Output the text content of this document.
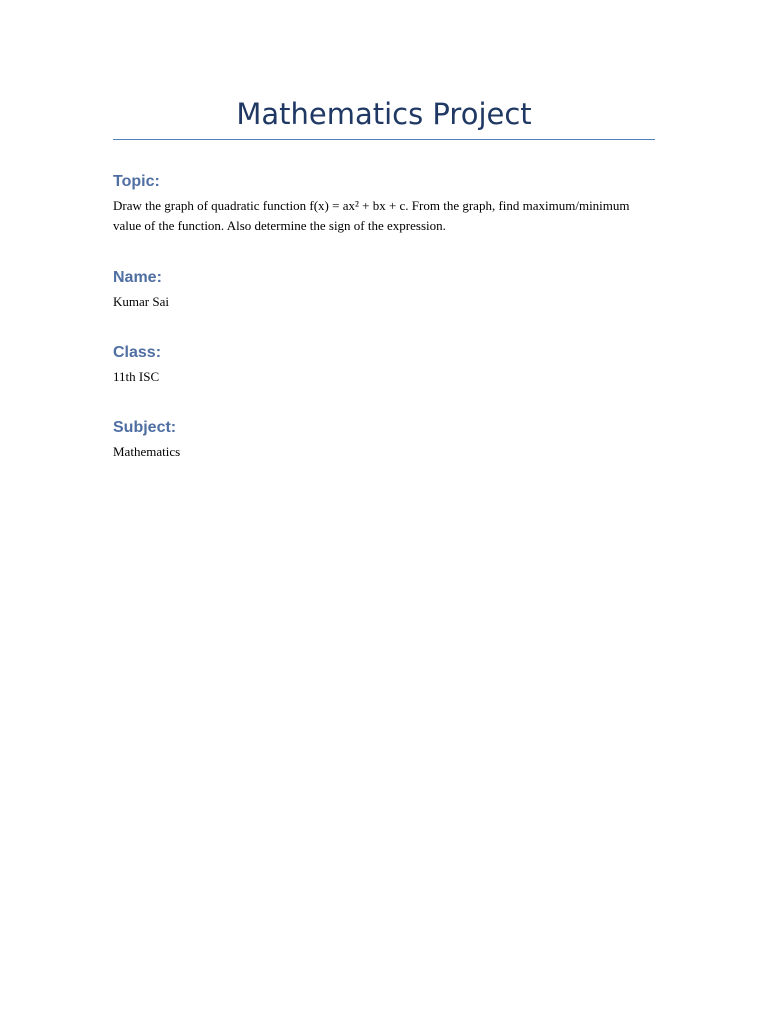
Mathematics Project
Topic:

Draw the graph of quadratic function f(x) = ax² + bx + c. From the graph, find maximum/minimum value of the function. Also determine the sign of the expression.

Name:

Kumar Sai

Class:

11th ISC

Subject:

Mathematics
